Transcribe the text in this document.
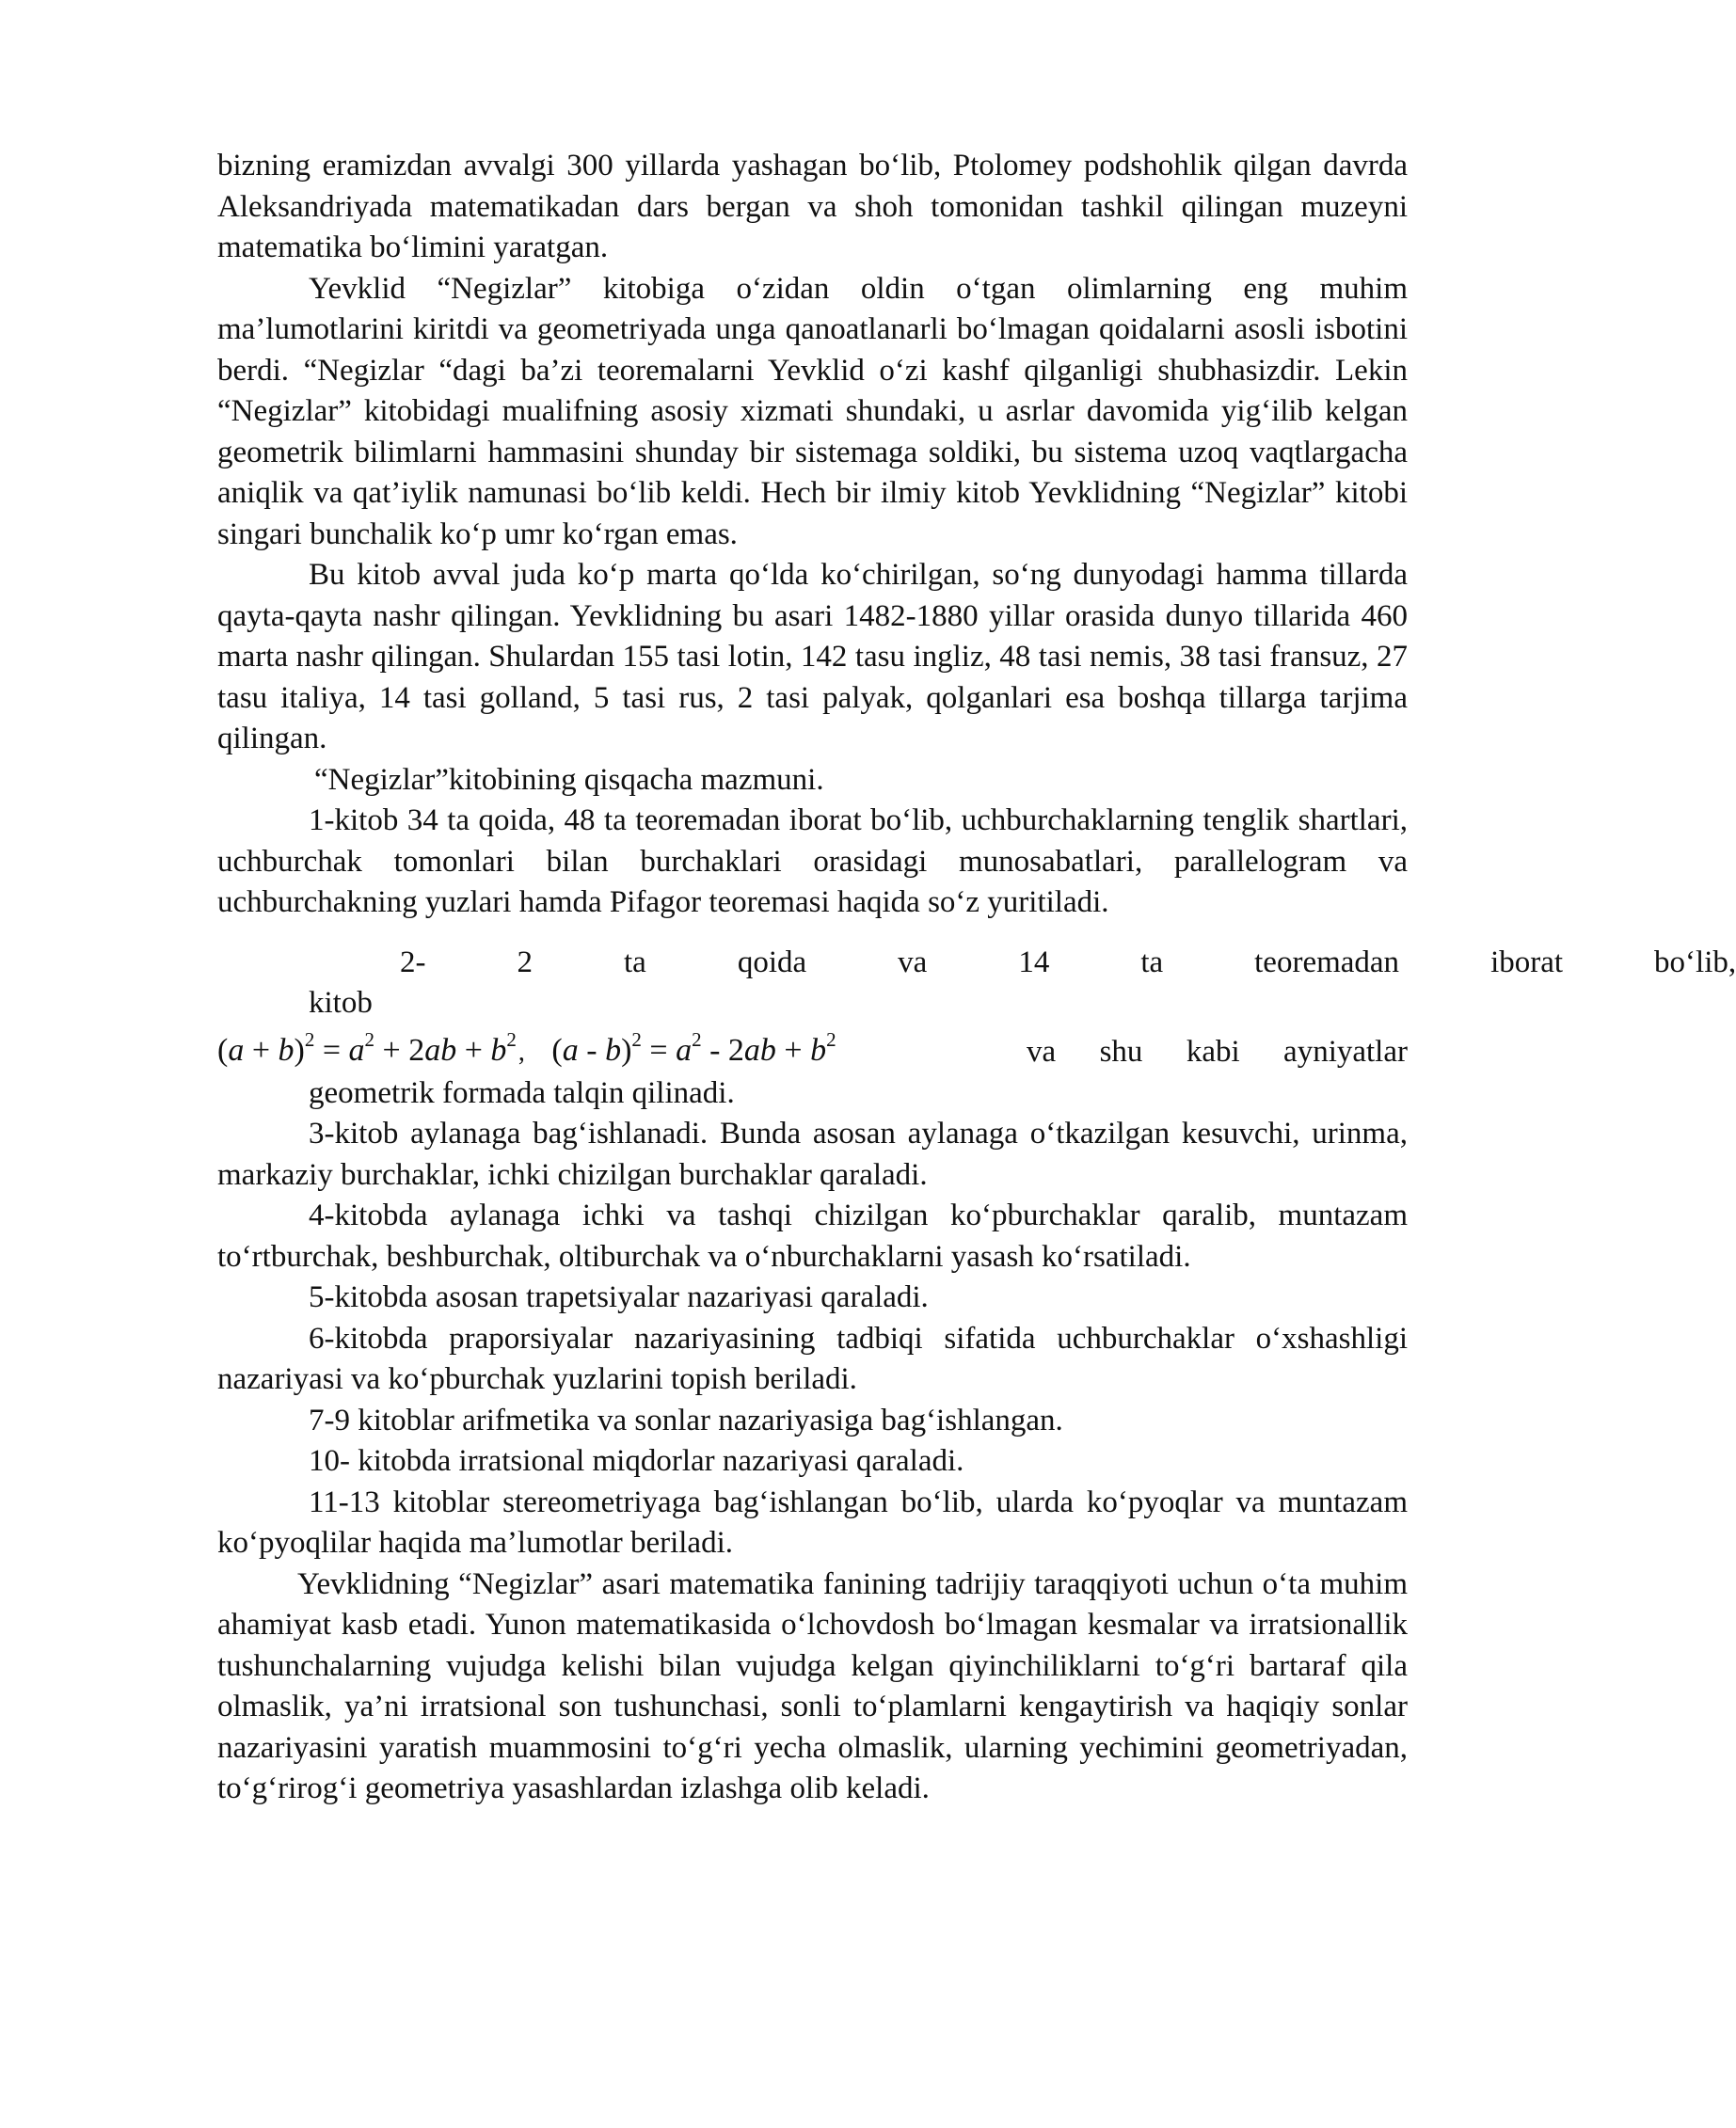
bizning eramizdan avvalgi 300 yillarda yashagan bo‘lib, Ptolomey podshohlik qilgan davrda Aleksandriyada matematikadan dars bergan va shoh tomonidan tashkil qilingan muzeyni matematika bo‘limini yaratgan.

Yevklid “Negizlar” kitobiga o‘zidan oldin o‘tgan olimlarning eng muhim ma’lumotlarini kiritdi va geometriyada unga qanoatlanarli bo‘lmagan qoidalarni asosli isbotini berdi. “Negizlar “dagi ba’zi teoremalarni Yevklid o‘zi kashf qilganligi shubhasizdir. Lekin “Negizlar” kitobidagi mualifning asosiy xizmati shundaki, u asrlar davomida yig‘ilib kelgan geometrik bilimlarni hammasini shunday bir sistemaga soldiki, bu sistema uzoq vaqtlargacha aniqlik va qat’iylik namunasi bo‘lib keldi. Hech bir ilmiy kitob Yevklidning “Negizlar” kitobi singari bunchalik ko‘p umr ko‘rgan emas.

Bu kitob avval juda ko‘p marta qo‘lda ko‘chirilgan, so‘ng dunyodagi hamma tillarda qayta-qayta nashr qilingan. Yevklidning bu asari 1482-1880 yillar orasida dunyo tillarida 460 marta nashr qilingan. Shulardan 155 tasi lotin, 142 tasu ingliz, 48 tasi nemis, 38 tasi fransuz, 27 tasu italiya, 14 tasi golland, 5 tasi rus, 2 tasi palyak, qolganlari esa boshqa tillarga tarjima qilingan.

“Negizlar”kitobining qisqacha mazmuni.

1-kitob 34 ta qoida, 48 ta teoremadan iborat bo‘lib, uchburchaklarning tenglik shartlari, uchburchak tomonlari bilan burchaklari orasidagi munosabatlari, parallelogram va uchburchakning yuzlari hamda Pifagor teoremasi haqida so‘z yuritiladi.

2-kitob
2	ta	qoida	va	14	ta	teoremadan	iborat	bo‘lib,
$(a + b)^2 = a^2 + 2ab + b^2$, $(a - b)^2 = a^2 - 2ab + b^2$	va shu kabi ayniyatlar
geometrik formada talqin qilinadi.

3-kitob aylanaga bag‘ishlanadi. Bunda asosan aylanaga o‘tkazilgan kesuvchi, urinma, markaziy burchaklar, ichki chizilgan burchaklar qaraladi.

4-kitobda aylanaga ichki va tashqi chizilgan ko‘pburchaklar qaralib, muntazam to‘rtburchak, beshburchak, oltiburchak va o‘nburchaklarni yasash ko‘rsatiladi.

5-kitobda asosan trapetsiyalar nazariyasi qaraladi.

6-kitobda praporsiyalar nazariyasining tadbiqi sifatida uchburchaklar o‘xshashligi nazariyasi va ko‘pburchak yuzlarini topish beriladi.

7-9 kitoblar arifmetika va sonlar nazariyasiga bag‘ishlangan.

10- kitobda irratsional miqdorlar nazariyasi qaraladi.

11-13 kitoblar stereometriyaga bag‘ishlangan bo‘lib, ularda ko‘pyoqlar va muntazam ko‘pyoqlilar haqida ma’lumotlar beriladi.

Yevklidning “Negizlar” asari matematika fanining tadrijiy taraqqiyoti uchun o‘ta muhim ahamiyat kasb etadi. Yunon matematikasida o‘lchovdosh bo‘lmagan kesmalar va irratsionallik tushunchalarning vujudga kelishi bilan vujudga kelgan qiyinchiliklarni to‘g‘ri bartaraf qila olmaslik, ya’ni irratsional son tushunchasi, sonli to‘plamlarni kengaytirish va haqiqiy sonlar nazariyasini yaratish muammosini to‘g‘ri yecha olmaslik, ularning yechimini geometriyadan, to‘g‘rirog‘i geometriya yasashlardan izlashga olib keladi.
